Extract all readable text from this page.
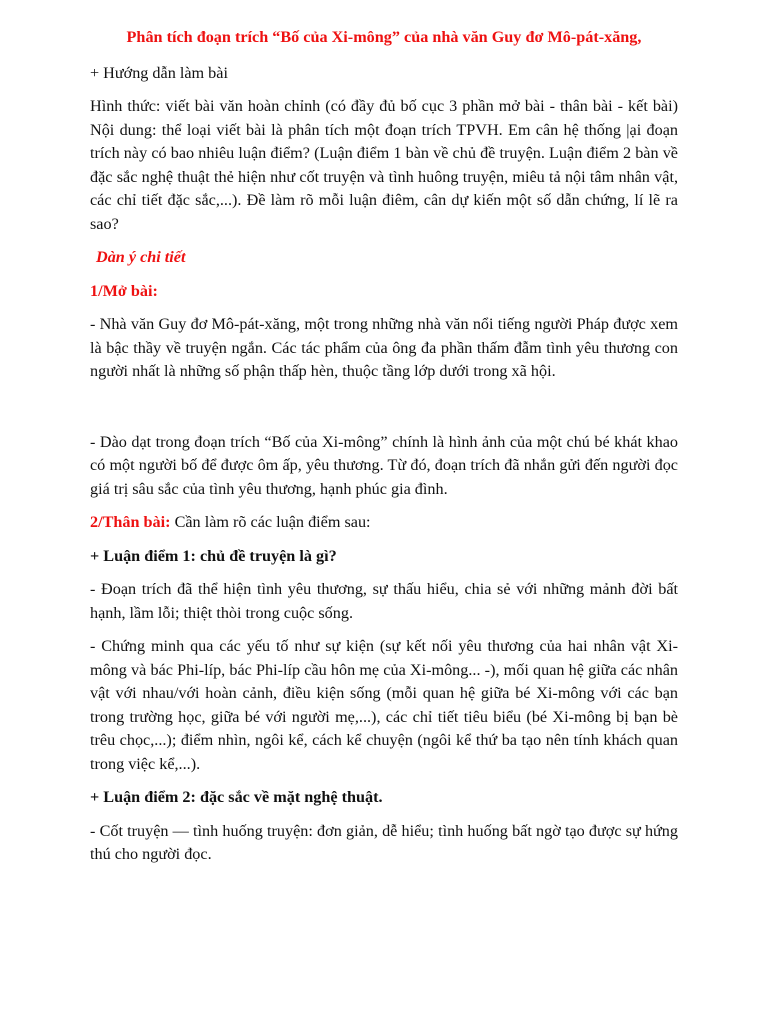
Phân tích đoạn trích “Bố của Xi-mông” của nhà văn Guy đơ Mô-pát-xăng,

+ Hướng dẫn làm bài

Hình thức: viết bài văn hoàn chỉnh (có đầy đủ bố cục 3 phần mở bài - thân bài - kết bài) Nội dung: thể loại viết bài là phân tích một đoạn trích TPVH. Em cân hệ thống |ại đoạn trích này có bao nhiêu luận điểm? (Luận điểm 1 bàn về chủ đề truyện. Luận điểm 2 bàn về đặc sắc nghệ thuật thẻ hiện như cốt truyện và tình huông truyện, miêu tả nội tâm nhân vật, các chỉ tiết đặc sắc,...). Đề làm rõ mỗi luận điêm, cân dự kiến một số dẫn chứng, lí lẽ ra sao?

Dàn ý chi tiết

1/Mở bài:

- Nhà văn Guy đơ Mô-pát-xăng, một trong những nhà văn nổi tiếng người Pháp được xem là bậc thầy về truyện ngắn. Các tác phẩm của ông đa phần thấm đẫm tình yêu thương con người nhất là những số phận thấp hèn, thuộc tầng lớp dưới trong xã hội.

- Dào dạt trong đoạn trích “Bố của Xi-mông” chính là hình ảnh của một chú bé khát khao có một người bố để được ôm ấp, yêu thương. Từ đó, đoạn trích đã nhắn gửi đến người đọc giá trị sâu sắc của tình yêu thương, hạnh phúc gia đình.

2/Thân bài: Cần làm rõ các luận điểm sau:

+ Luận điểm 1: chủ đề truyện là gì?

- Đoạn trích đã thể hiện tình yêu thương, sự thấu hiểu, chia sẻ với những mảnh đời bất hạnh, lầm lỗi; thiệt thòi trong cuộc sống.

- Chứng minh qua các yếu tố như sự kiện (sự kết nối yêu thương của hai nhân vật Xi-mông và bác Phi-líp, bác Phi-líp cầu hôn mẹ của Xi-mông... -), mối quan hệ giữa các nhân vật với nhau/với hoàn cảnh, điều kiện sống (mỗi quan hệ giữa bé Xi-mông với các bạn trong trường học, giữa bé với người mẹ,...), các chỉ tiết tiêu biểu (bé Xi-mông bị bạn bè trêu chọc,...); điểm nhìn, ngôi kể, cách kể chuyện (ngôi kể thứ ba tạo nên tính khách quan trong việc kể,...).

+ Luận điểm 2: đặc sắc về mặt nghệ thuật.

- Cốt truyện — tình huống truyện: đơn giản, dễ hiểu; tình huống bất ngờ tạo được sự hứng thú cho người đọc.
